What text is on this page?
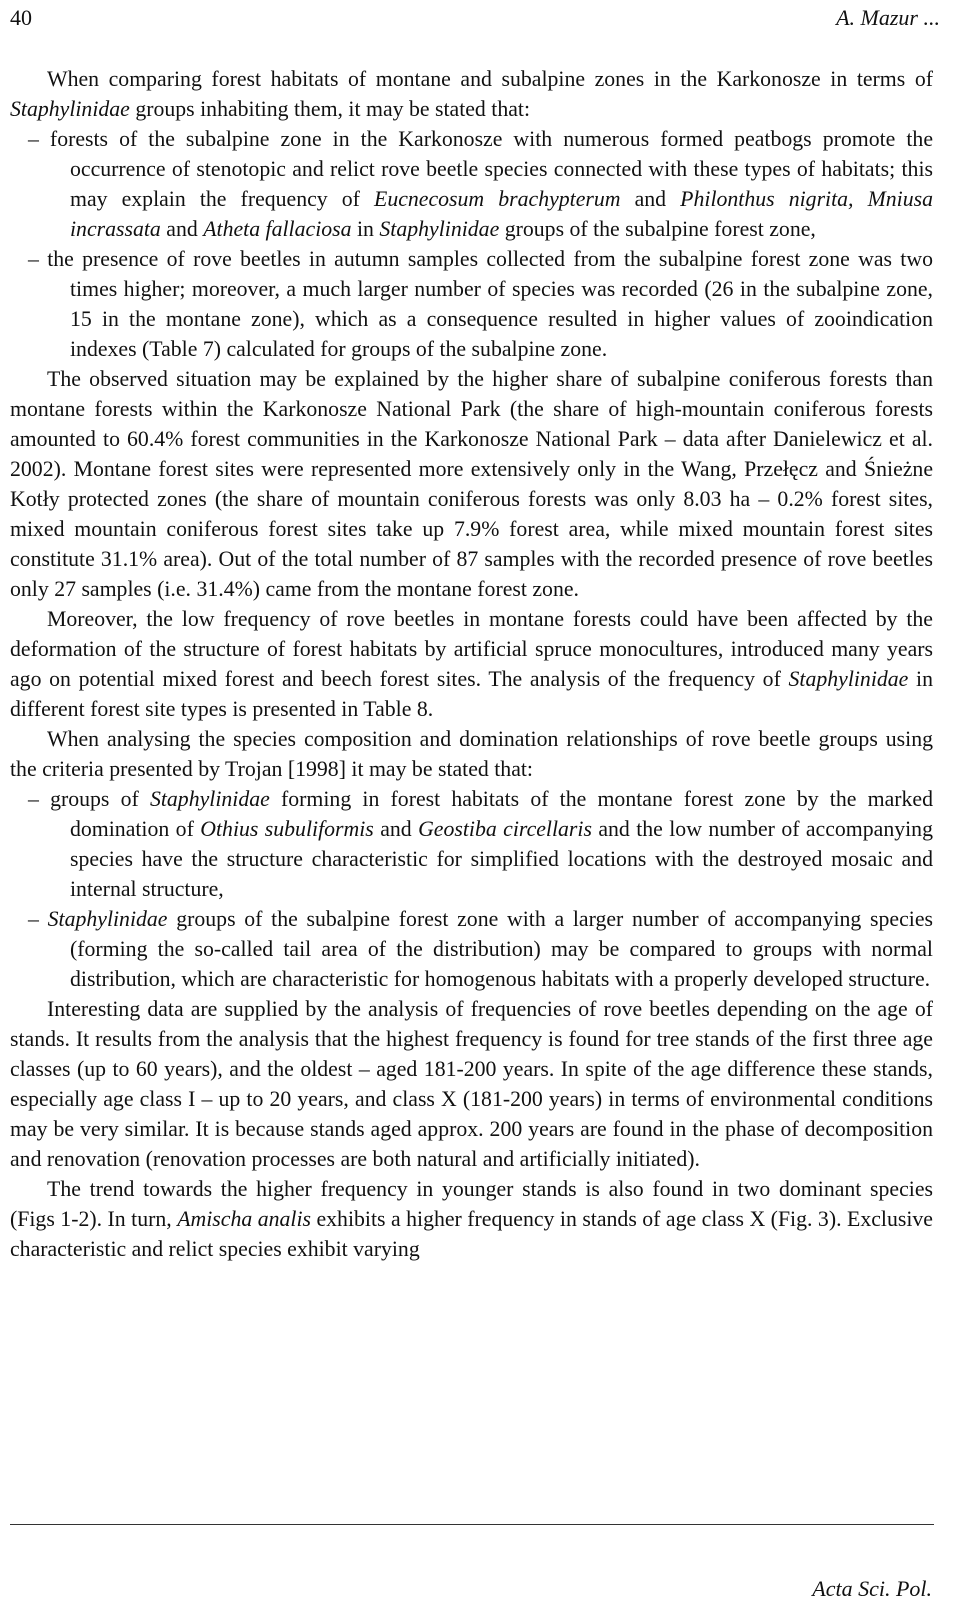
40	A. Mazur ...

When comparing forest habitats of montane and subalpine zones in the Karkonosze in terms of Staphylinidae groups inhabiting them, it may be stated that:

– forests of the subalpine zone in the Karkonosze with numerous formed peatbogs promote the occurrence of stenotopic and relict rove beetle species connected with these types of habitats; this may explain the frequency of Eucnecosum brachypterum and Philonthus nigrita, Mniusa incrassata and Atheta fallaciosa in Staphylinidae groups of the subalpine forest zone,

– the presence of rove beetles in autumn samples collected from the subalpine forest zone was two times higher; moreover, a much larger number of species was recorded (26 in the subalpine zone, 15 in the montane zone), which as a consequence resulted in higher values of zooindication indexes (Table 7) calculated for groups of the subalpine zone.

The observed situation may be explained by the higher share of subalpine coniferous forests than montane forests within the Karkonosze National Park (the share of high-mountain coniferous forests amounted to 60.4% forest communities in the Karkonosze National Park – data after Danielewicz et al. 2002). Montane forest sites were represented more extensively only in the Wang, Przełęcz and Śnieżne Kotły protected zones (the share of mountain coniferous forests was only 8.03 ha – 0.2% forest sites, mixed mountain coniferous forest sites take up 7.9% forest area, while mixed mountain forest sites constitute 31.1% area). Out of the total number of 87 samples with the recorded presence of rove beetles only 27 samples (i.e. 31.4%) came from the montane forest zone.

Moreover, the low frequency of rove beetles in montane forests could have been affected by the deformation of the structure of forest habitats by artificial spruce monocultures, introduced many years ago on potential mixed forest and beech forest sites. The analysis of the frequency of Staphylinidae in different forest site types is presented in Table 8.

When analysing the species composition and domination relationships of rove beetle groups using the criteria presented by Trojan [1998] it may be stated that:

– groups of Staphylinidae forming in forest habitats of the montane forest zone by the marked domination of Othius subuliformis and Geostiba circellaris and the low number of accompanying species have the structure characteristic for simplified locations with the destroyed mosaic and internal structure,

– Staphylinidae groups of the subalpine forest zone with a larger number of accompanying species (forming the so-called tail area of the distribution) may be compared to groups with normal distribution, which are characteristic for homogenous habitats with a properly developed structure.

Interesting data are supplied by the analysis of frequencies of rove beetles depending on the age of stands. It results from the analysis that the highest frequency is found for tree stands of the first three age classes (up to 60 years), and the oldest – aged 181-200 years. In spite of the age difference these stands, especially age class I – up to 20 years, and class X (181-200 years) in terms of environmental conditions may be very similar. It is because stands aged approx. 200 years are found in the phase of decomposition and renovation (renovation processes are both natural and artificially initiated).

The trend towards the higher frequency in younger stands is also found in two dominant species (Figs 1-2). In turn, Amischa analis exhibits a higher frequency in stands of age class X (Fig. 3). Exclusive characteristic and relict species exhibit varying

Acta Sci. Pol.
